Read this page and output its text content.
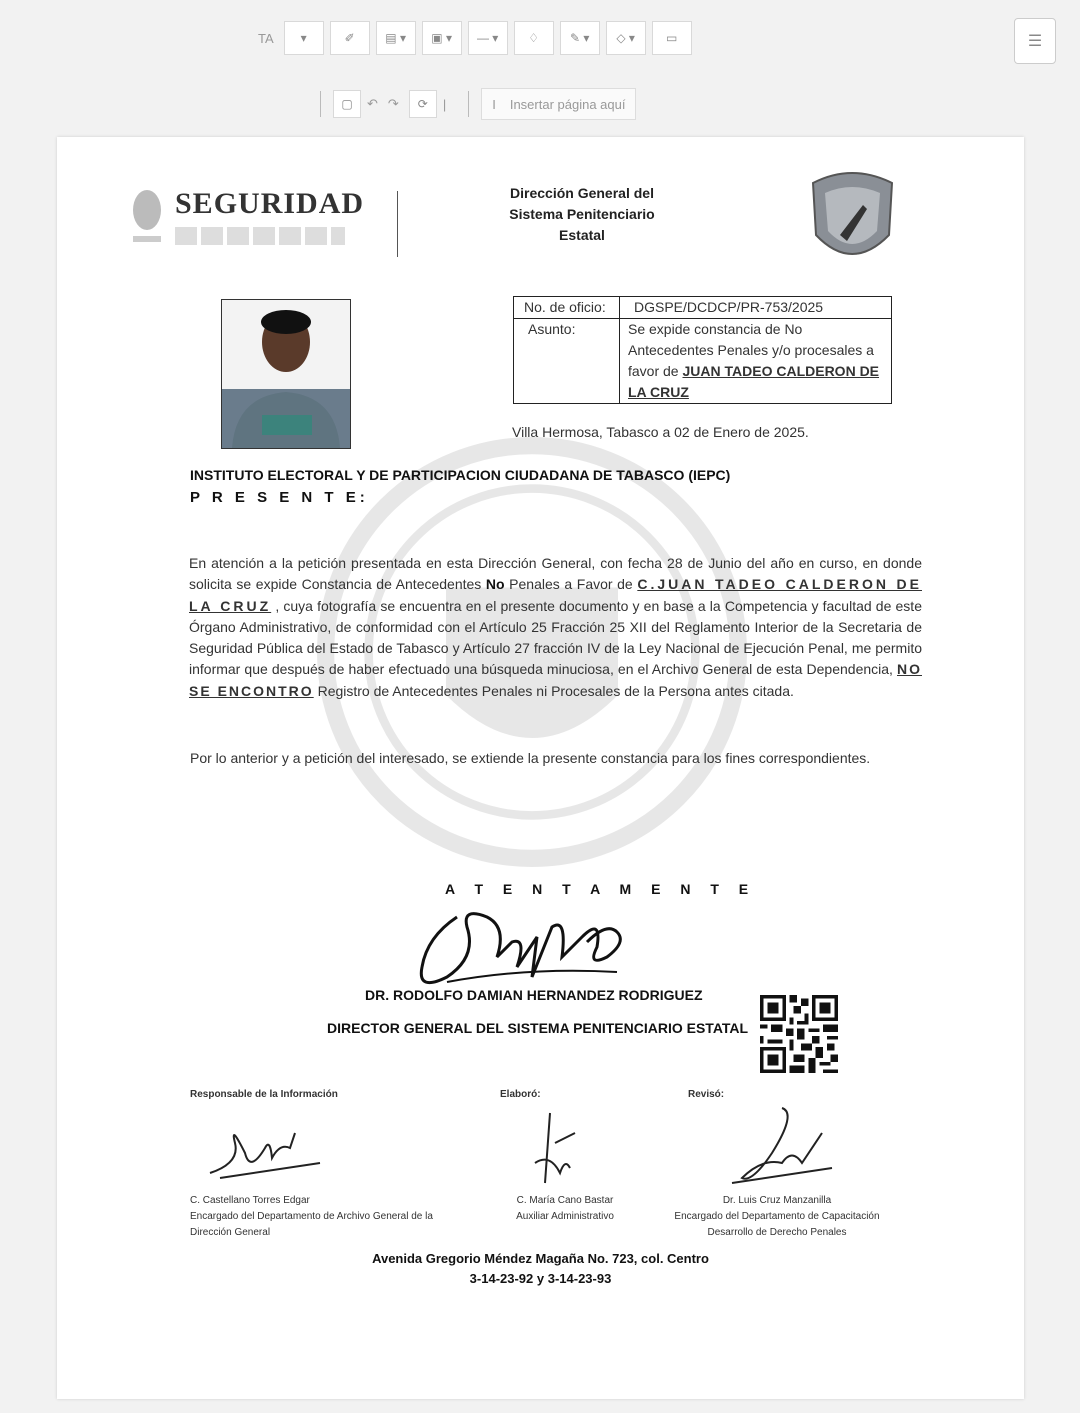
TA	▾	✐	▤ ▾	▣ ▾	— ▾	♢	✎ ▾	◇ ▾	▭	☰
▢	↶ ↷	⟳	|	I Insertar página aquí
SEGURIDAD	Dirección General del
Sistema Penitenciario
Estatal
No. de oficio:	DGSPE/DCDCP/PR-753/2025
Asunto:	Se expide constancia de No Antecedentes Penales y/o procesales a favor de JUAN TADEO CALDERON DE LA CRUZ
Villa Hermosa, Tabasco a 02 de Enero de 2025.
INSTITUTO ELECTORAL Y DE PARTICIPACION CIUDADANA DE TABASCO (IEPC)
P R E S E N T E:
En atención a la petición presentada en esta Dirección General, con fecha 28 de Junio del año en curso, en donde solicita se expide Constancia de Antecedentes No Penales a Favor de C.JUAN TADEO CALDERON DE LA CRUZ , cuya fotografía se encuentra en el presente documento y en base a la Competencia y facultad de este Órgano Administrativo, de conformidad con el Artículo 25 Fracción 25 XII del Reglamento Interior de la Secretaria de Seguridad Pública del Estado de Tabasco y Artículo 27 fracción IV de la Ley Nacional de Ejecución Penal, me permito informar que después de haber efectuado una búsqueda minuciosa, en el Archivo General de esta Dependencia, NO SE ENCONTRO Registro de Antecedentes Penales ni Procesales de la Persona antes citada.
Por lo anterior y a petición del interesado, se extiende la presente constancia para los fines correspondientes.
A T E N T A M E N T E
DR. RODOLFO DAMIAN HERNANDEZ RODRIGUEZ
DIRECTOR GENERAL DEL SISTEMA PENITENCIARIO ESTATAL
Responsable de la Información
C. Castellano Torres Edgar
Encargado del Departamento de Archivo General de la Dirección General
Elaboró:
C. María Cano Bastar
Auxiliar Administrativo
Revisó:
Dr. Luis Cruz Manzanilla
Encargado del Departamento de Capacitación Desarrollo de Derecho Penales
Avenida Gregorio Méndez Magaña No. 723, col. Centro
3-14-23-92 y 3-14-23-93
